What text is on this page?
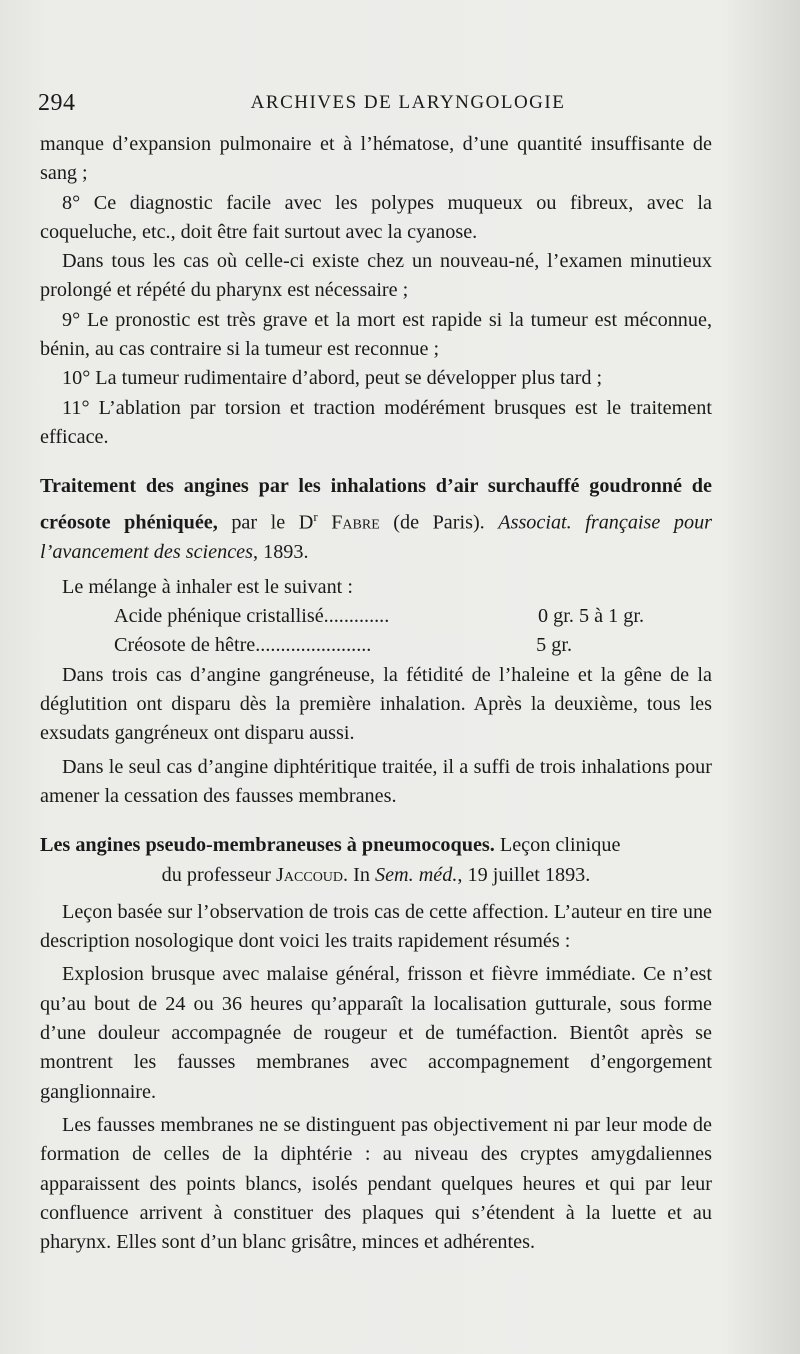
294	ARCHIVES DE LARYNGOLOGIE

manque d’expansion pulmonaire et à l’hématose, d’une quantité insuffisante de sang ;

8° Ce diagnostic facile avec les polypes muqueux ou fibreux, avec la coqueluche, etc., doit être fait surtout avec la cyanose.

Dans tous les cas où celle-ci existe chez un nouveau-né, l’examen minutieux prolongé et répété du pharynx est nécessaire ;

9° Le pronostic est très grave et la mort est rapide si la tumeur est méconnue, bénin, au cas contraire si la tumeur est reconnue ;

10° La tumeur rudimentaire d’abord, peut se développer plus tard ;

11° L’ablation par torsion et traction modérément brusques est le traitement efficace.

Traitement des angines par les inhalations d’air surchauffé goudronné de créosote phéniquée, par le $D^r$ Fabre (de Paris). Associat. française pour l’avancement des sciences, 1893.

Le mélange à inhaler est le suivant :

Acide phénique cristallisé.............	0 gr. 5 à 1 gr.
Créosote de hêtre.......................	5 gr.

Dans trois cas d’angine gangréneuse, la fétidité de l’haleine et la gêne de la déglutition ont disparu dès la première inhalation. Après la deuxième, tous les exsudats gangréneux ont disparu aussi.

Dans le seul cas d’angine diphtéritique traitée, il a suffi de trois inhalations pour amener la cessation des fausses membranes.

Les angines pseudo-membraneuses à pneumocoques. Leçon clinique

du professeur Jaccoud. In Sem. méd., 19 juillet 1893.

Leçon basée sur l’observation de trois cas de cette affection. L’auteur en tire une description nosologique dont voici les traits rapidement résumés :

Explosion brusque avec malaise général, frisson et fièvre immédiate. Ce n’est qu’au bout de 24 ou 36 heures qu’apparaît la localisation gutturale, sous forme d’une douleur accompagnée de rougeur et de tuméfaction. Bientôt après se montrent les fausses membranes avec accompagnement d’engorgement ganglionnaire.

Les fausses membranes ne se distinguent pas objectivement ni par leur mode de formation de celles de la diphtérie : au niveau des cryptes amygdaliennes apparaissent des points blancs, isolés pendant quelques heures et qui par leur confluence arrivent à constituer des plaques qui s’étendent à la luette et au pharynx. Elles sont d’un blanc grisâtre, minces et adhérentes.
